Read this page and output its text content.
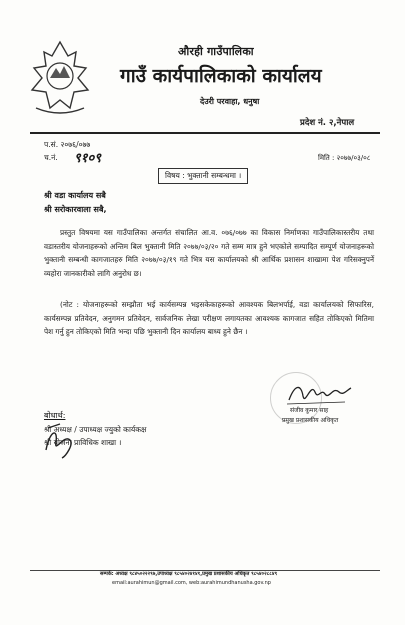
औरही गाउँपालिका
गाउँ कार्यपालिकाको कार्यालय
देउरी परवाहा, धनुषा
प्रदेश नं. २,नेपाल
प.सं. २०७६/०७७
च.नं. ९१०९	मिति : २०७७/०३/०८
विषय : भुक्तानी सम्बन्धमा ।
श्री वडा कार्यालय सबै
श्री सरोकारवाला सबै,
प्रस्तुत विषयमा यस गाउँपालिका अन्तर्गत संचालित आ.व. ०७६/०७७ का विकास निर्माणका गाउँपालिकास्तरीय तथा वडास्तरीय योजनाहरूको अन्तिम बिल भुक्तानी मिति २०७७/०३/२० गते सम्म मात्र हुने भएकोले सम्पादित सम्पूर्ण योजनाहरूको भुक्तानी सम्बन्धी कागजातहरु मिति २०७७/०३/१९ गते भित्र यस कार्यालयको श्री आर्थिक प्रशासन शाखामा पेश गरिसक्नुपर्ने व्यहोरा जानकारीको लागि अनुरोध छ।
(नोट : योजनाहरूको सम्झौता भई कार्यसम्पन्न भइसकेकाहरूको आवश्यक बिलभर्पाई, वडा कार्यालयको सिफारिस, कार्यसम्पन्न प्रतिवेदन, अनुगमन प्रतिवेदन, सार्वजनिक लेखा परीक्षण लगायतका आवश्यक कागजात सहित तोकिएको मितिमा पेश गर्नु हुन तोकिएको मिति भन्दा पछि भुक्तानी दिन कार्यालय बाध्य हुने छैन ।
संजीव कुमार साह
प्रमुख प्रशासकीय अधिकृत
बोधार्थ:
श्री अध्यक्ष / उपाध्यक्ष ज्युको कार्यकक्ष
श्री योजना प्राविधिक शाखा ।
सम्पर्क: अध्यक्ष ९८४५०२२२९७,उपाध्यक्ष ९८५४०२४१४१,प्रमुख प्रशासकीय अधिकृत ९८५४०२८८४९
email:aurahimun@gmail.com, web:aurahimundhanusha.gov.np
